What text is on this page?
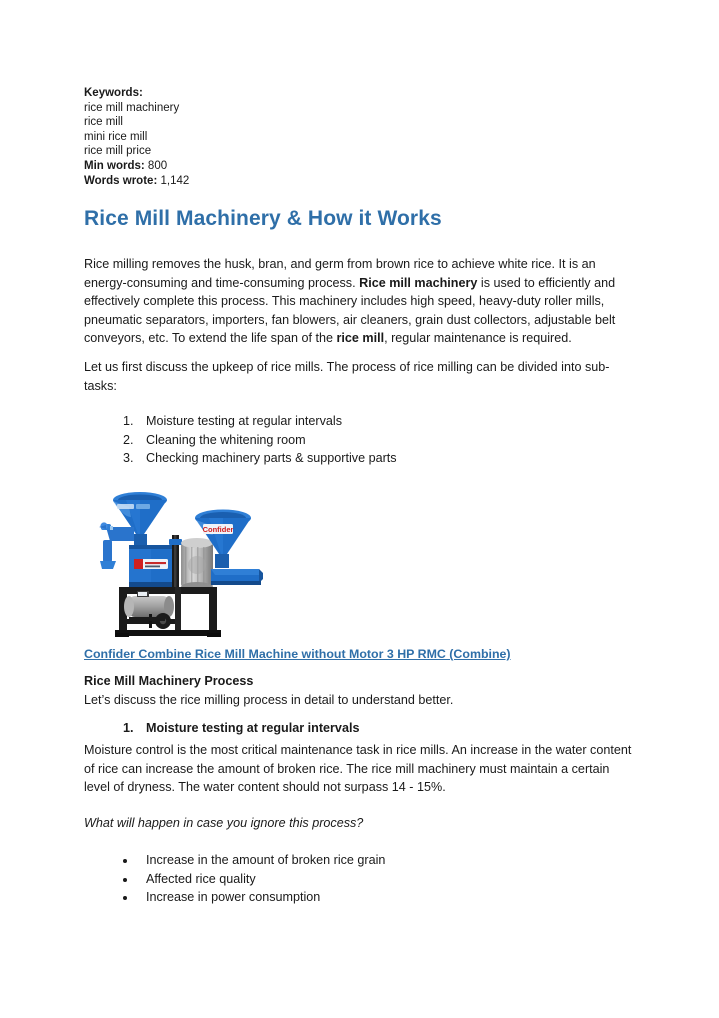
Keywords:
rice mill machinery
rice mill
mini rice mill
rice mill price
Min words: 800
Words wrote: 1,142
Rice Mill Machinery & How it Works

Rice milling removes the husk, bran, and germ from brown rice to achieve white rice. It is an energy-consuming and time-consuming process. Rice mill machinery is used to efficiently and effectively complete this process. This machinery includes high speed, heavy-duty roller mills, pneumatic separators, importers, fan blowers, air cleaners, grain dust collectors, adjustable belt conveyors, etc. To extend the life span of the rice mill, regular maintenance is required.

Let us first discuss the upkeep of rice mills. The process of rice milling can be divided into sub-tasks:

1. Moisture testing at regular intervals
2. Cleaning the whitening room
3. Checking machinery parts & supportive parts
Confider
Confider Combine Rice Mill Machine without Motor 3 HP RMC (Combine)
Rice Mill Machinery Process

Let’s discuss the rice milling process in detail to understand better.

1. Moisture testing at regular intervals

Moisture control is the most critical maintenance task in rice mills. An increase in the water content of rice can increase the amount of broken rice. The rice mill machinery must maintain a certain level of dryness. The water content should not surpass 14 - 15%.

What will happen in case you ignore this process?

• Increase in the amount of broken rice grain
• Affected rice quality
• Increase in power consumption
